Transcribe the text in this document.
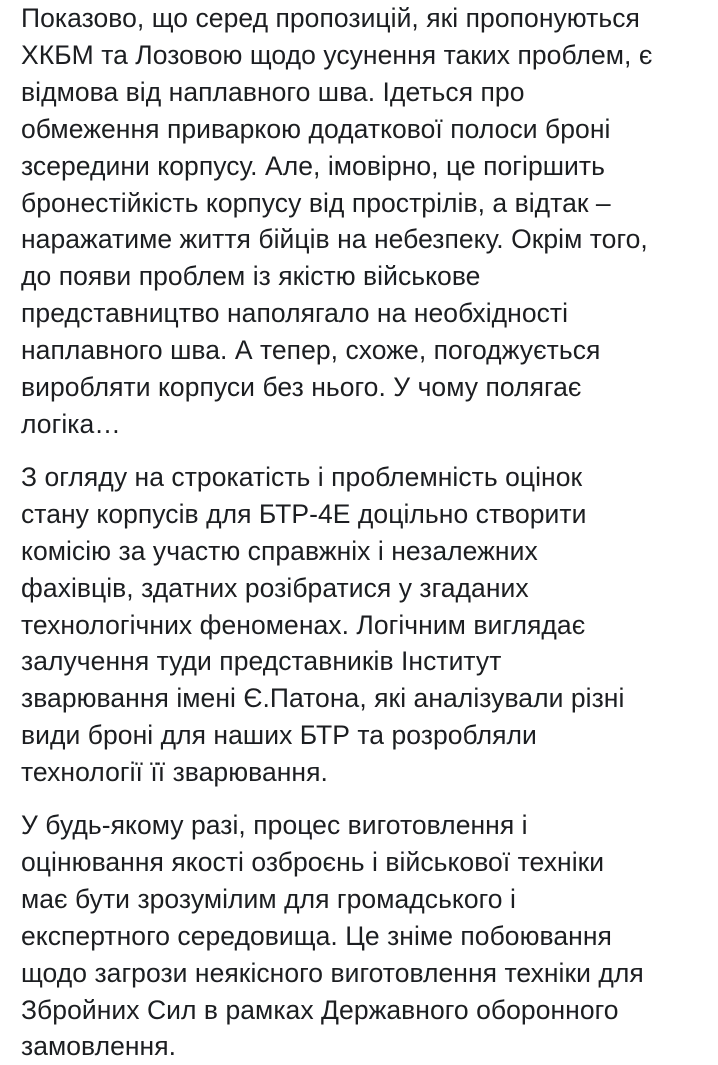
Показово, що серед пропозицій, які пропонуються
ХКБМ та Лозовою щодо усунення таких проблем, є
відмова від наплавного шва. Ідеться про
обмеження приваркою додаткової полоси броні
зсередини корпусу. Але, імовірно, це погіршить
бронестійкість корпусу від прострілів, а відтак –
наражатиме життя бійців на небезпеку. Окрім того,
до появи проблем із якістю військове
представництво наполягало на необхідності
наплавного шва. А тепер, схоже, погоджується
виробляти корпуси без нього. У чому полягає
логіка…

З огляду на строкатість і проблемність оцінок
стану корпусів для БТР-4Е доцільно створити
комісію за участю справжніх і незалежних
фахівців, здатних розібратися у згаданих
технологічних феноменах. Логічним виглядає
залучення туди представників Інститут
зварювання імені Є.Патона, які аналізували різні
види броні для наших БТР та розробляли
технології її зварювання.

У будь-якому разі, процес виготовлення і
оцінювання якості озброєнь і військової техніки
має бути зрозумілим для громадського і
експертного середовища. Це зніме побоювання
щодо загрози неякісного виготовлення техніки для
Збройних Сил в рамках Державного оборонного
замовлення.
